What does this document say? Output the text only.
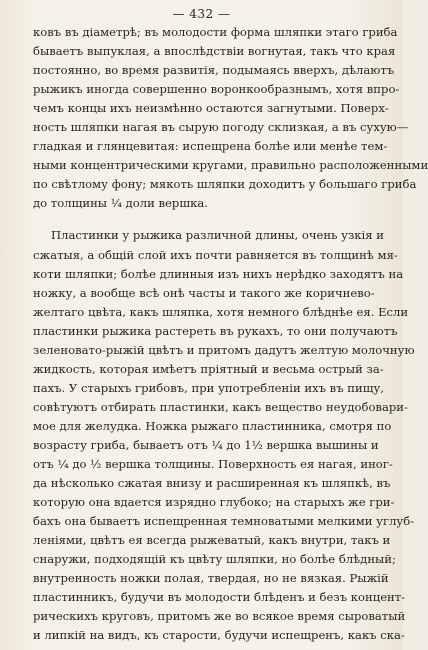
— 432 —

ковъ въ діаметрѣ; въ молодости форма шляпки этаго гриба
бываетъ выпуклая, а впослѣдствіи вогнутая, такъ что края
постоянно, во время развитія, подымаясь вверхъ, дѣлаютъ
рыжикъ иногда совершенно воронкообразнымъ, хотя впро-
чемъ концы ихъ неизмѣнно остаются загнутыми. Поверх-
ность шляпки нагая въ сырую погоду склизкая, а въ сухую—
гладкая и глянцевитая: испещрена болѣе или менѣе тем-
ными концентрическими кругами, правильно расположенными
по свѣтлому фону; мякоть шляпки доходитъ у большаго гриба
до толщины ¼ доли вершка.

Пластинки у рыжика различной длины, очень узкія и
сжатыя, а общій слой ихъ почти равняется въ толщинѣ мя-
коти шляпки; болѣе длинныя изъ нихъ нерѣдко заходятъ на
ножку, а вообще всѣ онѣ часты и такого же коричнево-
желтаго цвѣта, какъ шляпка, хотя немного блѣднѣе ея. Если
пластинки рыжика растереть въ рукахъ, то они получаютъ
зеленовато-рыжій цвѣтъ и притомъ дадутъ желтую молочную
жидкость, которая имѣетъ пріятный и весьма острый за-
пахъ. У старыхъ грибовъ, при употребленіи ихъ въ пищу,
совѣтуютъ отбирать пластинки, какъ вещество неудобовари-
мое для желудка. Ножка рыжаго пластинника, смотря по
возрасту гриба, бываетъ отъ ¼ до 1½ вершка вышины и
отъ ¼ до ½ вершка толщины. Поверхность ея нагая, иног-
да нѣсколько сжатая внизу и расширенная къ шляпкѣ, въ
которую она вдается изрядно глубоко; на старыхъ же гри-
бахъ она бываетъ испещренная темноватыми мелкими углуб-
леніями, цвѣтъ ея всегда рыжеватый, какъ внутри, такъ и
снаружи, подходящій къ цвѣту шляпки, но болѣе блѣдный;
внутренность ножки полая, твердая, но не вязкая. Рыжій
пластинникъ, будучи въ молодости блѣденъ и безъ концент-
рическихъ круговъ, притомъ же во всякое время сыроватый
и липкій на видъ, къ старости, будучи испещренъ, какъ ска-
